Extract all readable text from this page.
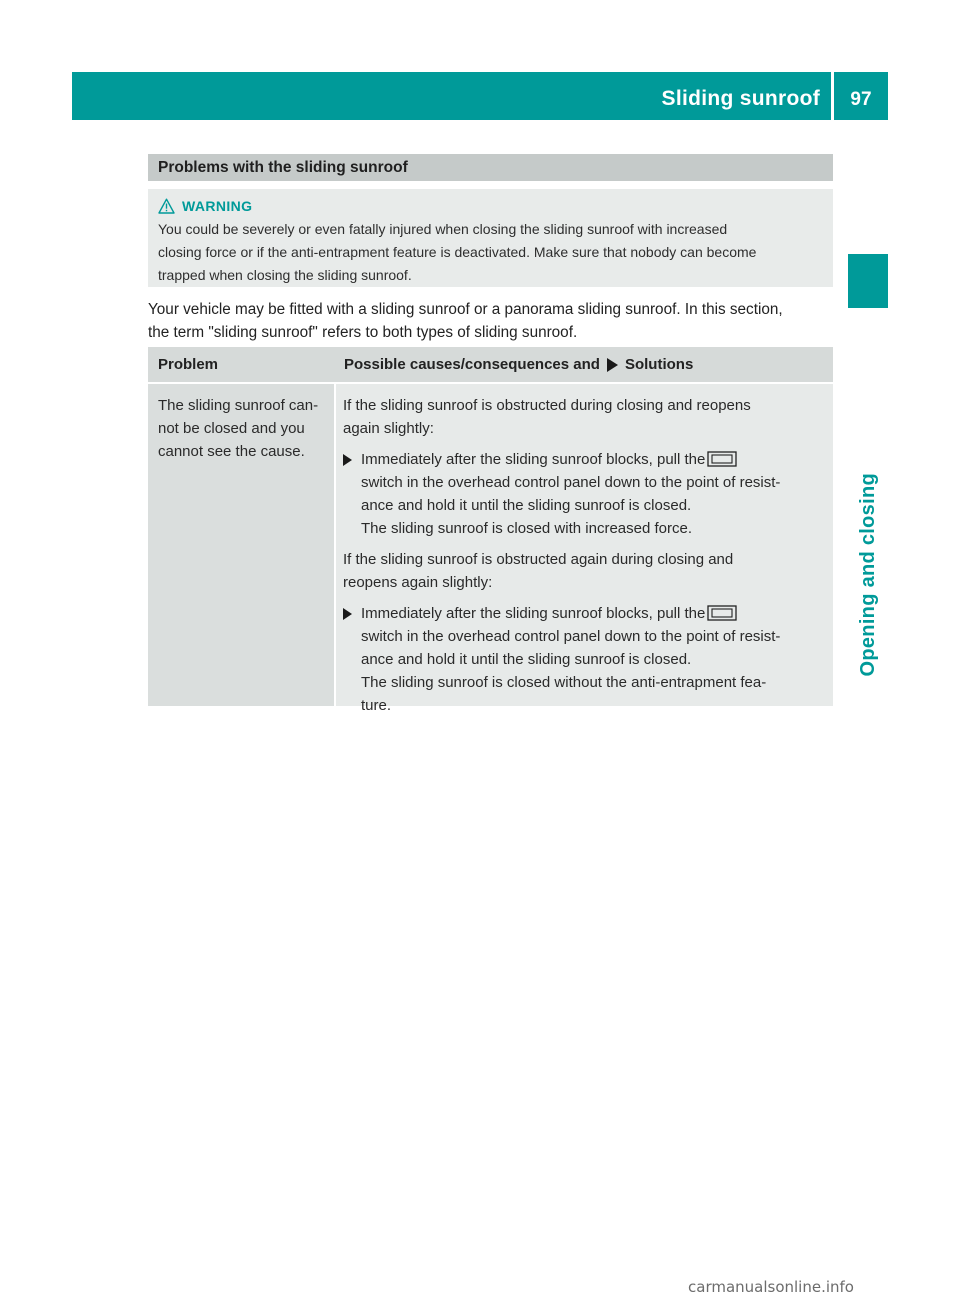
Sliding sunroof	97
Opening and closing
Problems with the sliding sunroof
WARNING
You could be severely or even fatally injured when closing the sliding sunroof with increased
closing force or if the anti-entrapment feature is deactivated. Make sure that nobody can become
trapped when closing the sliding sunroof.
Your vehicle may be fitted with a sliding sunroof or a panorama sliding sunroof. In this section,
the term "sliding sunroof" refers to both types of sliding sunroof.
Problem	Possible causes/consequences and Solutions
The sliding sunroof can-
not be closed and you
cannot see the cause.
If the sliding sunroof is obstructed during closing and reopens
again slightly:
Immediately after the sliding sunroof blocks, pull the
switch in the overhead control panel down to the point of resist-
ance and hold it until the sliding sunroof is closed.
The sliding sunroof is closed with increased force.
If the sliding sunroof is obstructed again during closing and
reopens again slightly:
Immediately after the sliding sunroof blocks, pull the
switch in the overhead control panel down to the point of resist-
ance and hold it until the sliding sunroof is closed.
The sliding sunroof is closed without the anti-entrapment fea-
ture.
carmanualsonline.info
